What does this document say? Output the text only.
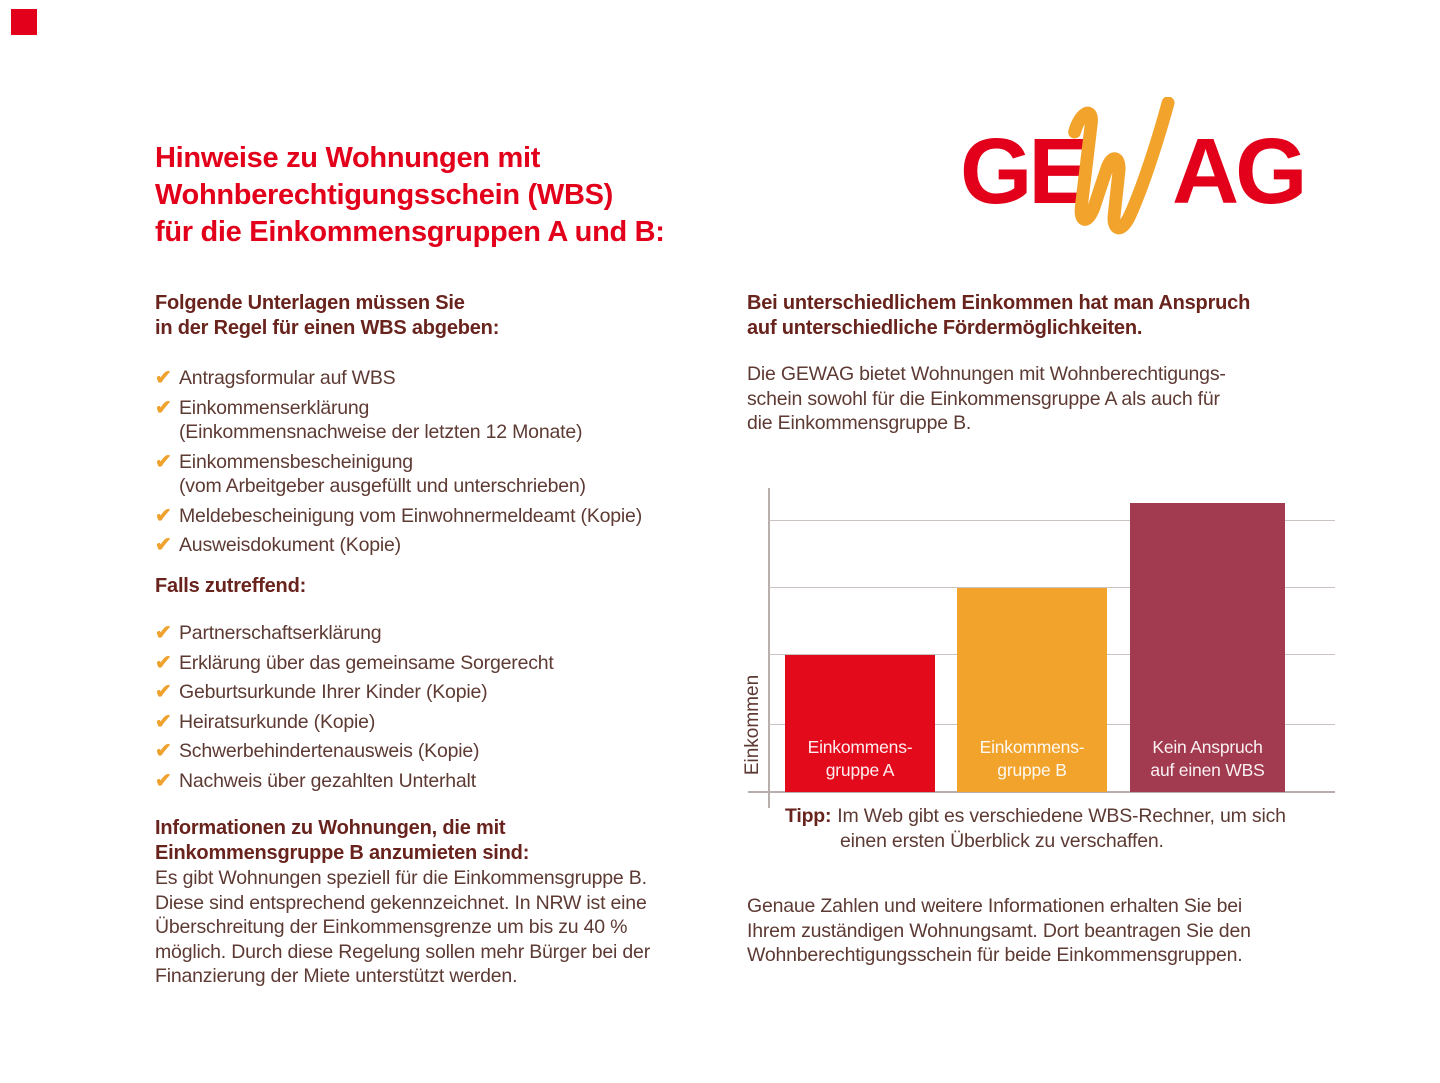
Hinweise zu Wohnungen mit
Wohnberechtigungsschein (WBS)
für die Einkommensgruppen A und B:
GE AG
Folgende Unterlagen müssen Sie
in der Regel für einen WBS abgeben:
✔ Antragsformular auf WBS
✔ Einkommenserklärung
(Einkommensnachweise der letzten 12 Monate)
✔ Einkommensbescheinigung
(vom Arbeitgeber ausgefüllt und unterschrieben)
✔ Meldebescheinigung vom Einwohnermeldeamt (Kopie)
✔ Ausweisdokument (Kopie)
Falls zutreffend:
✔ Partnerschaftserklärung
✔ Erklärung über das gemeinsame Sorgerecht
✔ Geburtsurkunde Ihrer Kinder (Kopie)
✔ Heiratsurkunde (Kopie)
✔ Schwerbehindertenausweis (Kopie)
✔ Nachweis über gezahlten Unterhalt
Informationen zu Wohnungen, die mit
Einkommensgruppe B anzumieten sind:
Es gibt Wohnungen speziell für die Einkommensgruppe B.
Diese sind entsprechend gekennzeichnet. In NRW ist eine
Überschreitung der Einkommensgrenze um bis zu 40 %
möglich. Durch diese Regelung sollen mehr Bürger bei der
Finanzierung der Miete unterstützt werden.
Bei unterschiedlichem Einkommen hat man Anspruch
auf unterschiedliche Fördermöglichkeiten.
Die GEWAG bietet Wohnungen mit Wohnberechtigungs-
schein sowohl für die Einkommensgruppe A als auch für
die Einkommensgruppe B.
Einkommen	Einkommens-
gruppe A
Einkommens-
gruppe B
Kein Anspruch
auf einen WBS
Tipp: Im Web gibt es verschiedene WBS-Rechner, um sich
einen ersten Überblick zu verschaffen.
Genaue Zahlen und weitere Informationen erhalten Sie bei
Ihrem zuständigen Wohnungsamt. Dort beantragen Sie den
Wohnberechtigungsschein für beide Einkommensgruppen.
